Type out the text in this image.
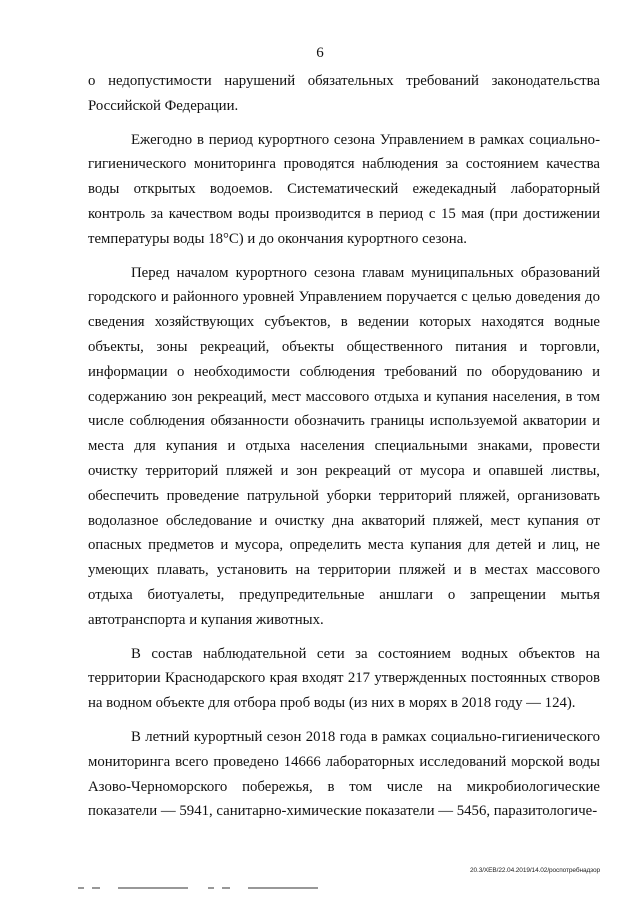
6

о недопустимости нарушений обязательных требований законодательства Российской Федерации.

Ежегодно в период курортного сезона Управлением в рамках социально-гигиенического мониторинга проводятся наблюдения за состоянием качества воды открытых водоемов. Систематический ежедекадный лабораторный контроль за качеством воды производится в период с 15 мая (при достижении температуры воды 18°С) и до окончания курортного сезона.

Перед началом курортного сезона главам муниципальных образований городского и районного уровней Управлением поручается с целью доведения до сведения хозяйствующих субъектов, в ведении которых находятся водные объекты, зоны рекреаций, объекты общественного питания и торговли, информации о необходимости соблюдения требований по оборудованию и содержанию зон рекреаций, мест массового отдыха и купания населения, в том числе соблюдения обязанности обозначить границы используемой акватории и места для купания и отдыха населения специальными знаками, провести очистку территорий пляжей и зон рекреаций от мусора и опавшей листвы, обеспечить проведение патрульной уборки территорий пляжей, организовать водолазное обследование и очистку дна акваторий пляжей, мест купания от опасных предметов и мусора, определить места купания для детей и лиц, не умеющих плавать, установить на территории пляжей и в местах массового отдыха биотуалеты, предупредительные аншлаги о запрещении мытья автотранспорта и купания животных.

В состав наблюдательной сети за состоянием водных объектов на территории Краснодарского края входят 217 утвержденных постоянных створов на водном объекте для отбора проб воды (из них в морях в 2018 году — 124).

В летний курортный сезон 2018 года в рамках социально-гигиенического мониторинга всего проведено 14666 лабораторных исследований морской воды Азово-Черноморского побережья, в том числе на микробиологические показатели — 5941, санитарно-химические показатели — 5456, паразитологиче-

20.3/ХЕВ/22.04.2019/14.02/роспотребнадзор
